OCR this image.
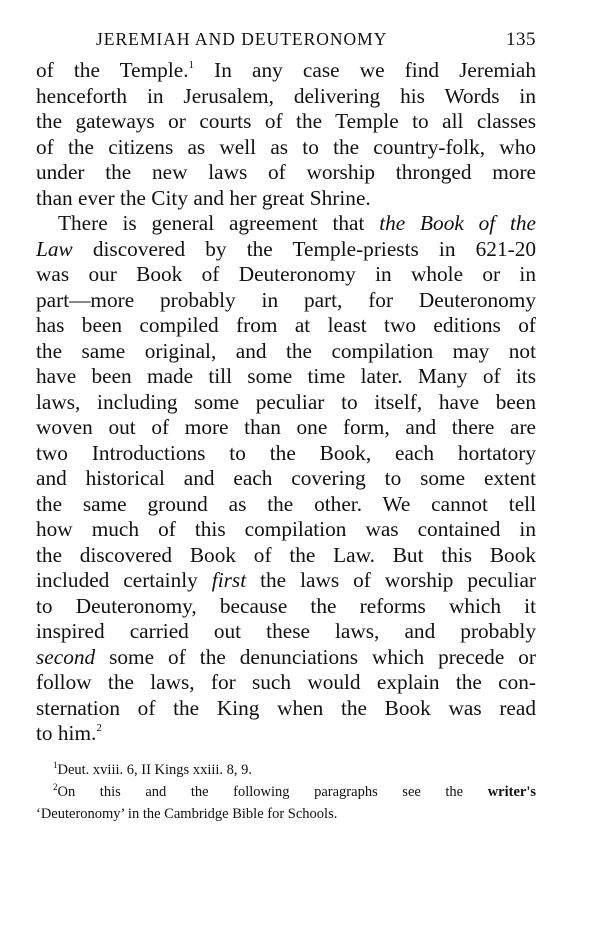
JEREMIAH AND DEUTERONOMY	135
of the Temple.$^1$ In any case we find Jeremiah
henceforth in Jerusalem, delivering his Words in
the gateways or courts of the Temple to all classes
of the citizens as well as to the country-folk, who
under the new laws of worship thronged more
than ever the City and her great Shrine.
There is general agreement that the Book of the
Law discovered by the Temple-priests in 621-20
was our Book of Deuteronomy in whole or in
part—more probably in part, for Deuteronomy
has been compiled from at least two editions of
the same original, and the compilation may not
have been made till some time later. Many of its
laws, including some peculiar to itself, have been
woven out of more than one form, and there are
two Introductions to the Book, each hortatory
and historical and each covering to some extent
the same ground as the other. We cannot tell
how much of this compilation was contained in
the discovered Book of the Law. But this Book
included certainly first the laws of worship peculiar
to Deuteronomy, because the reforms which it
inspired carried out these laws, and probably
second some of the denunciations which precede or
follow the laws, for such would explain the con-
sternation of the King when the Book was read
to him.$^2$
$^1$Deut. xviii. 6, II Kings xxiii. 8, 9.
$^2$On this and the following paragraphs see the writer's
‘Deuteronomy’ in the Cambridge Bible for Schools.
